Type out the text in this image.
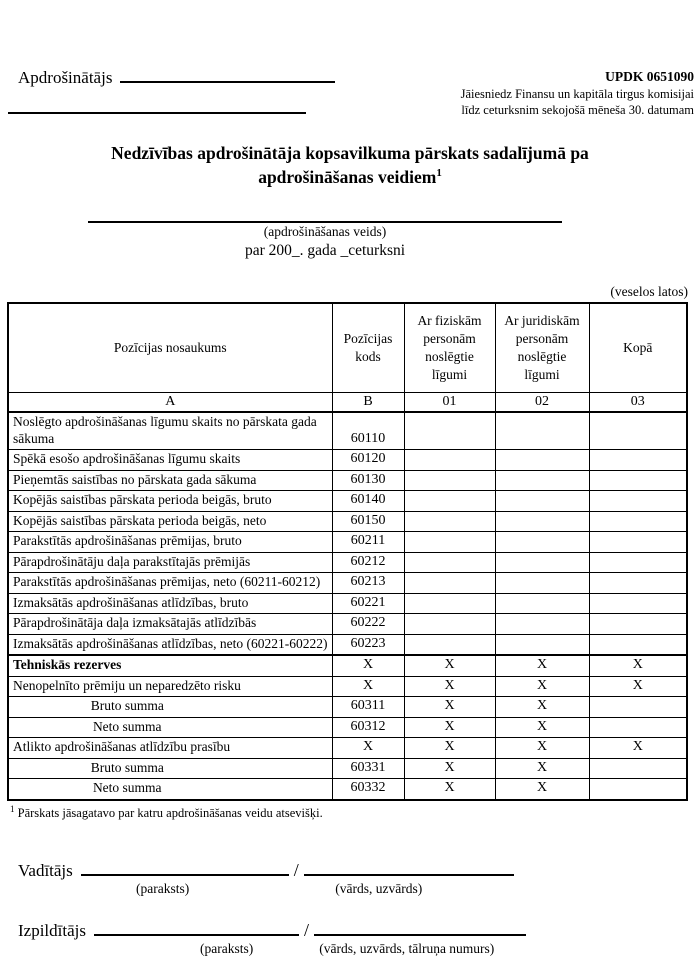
Apdrošinātājs	UPDK 0651090
Jāiesniedz Finansu un kapitāla tirgus komisijai
līdz ceturksnim sekojošā mēneša 30. datumam
Nedzīvības apdrošinātāja kopsavilkuma pārskats sadalījumā pa
apdrošināšanas veidiem$^1$
(apdrošināšanas veids)
par 200_. gada _ceturksni
(veselos latos)
Pozīcijas nosaukums	Pozīcijas kods	Ar fiziskām personām noslēgtie līgumi	Ar juridiskām personām noslēgtie līgumi	Kopā
A	B	01	02	03
Noslēgto apdrošināšanas līgumu skaits no pārskata gada sākuma	60110			
Spēkā esošo apdrošināšanas līgumu skaits	60120			
Pieņemtās saistības no pārskata gada sākuma	60130			
Kopējās saistības pārskata perioda beigās, bruto	60140			
Kopējās saistības pārskata perioda beigās, neto	60150			
Parakstītās apdrošināšanas prēmijas, bruto	60211			
Pārapdrošinātāju daļa parakstītajās prēmijās	60212			
Parakstītās apdrošināšanas prēmijas, neto (60211-60212)	60213			
Izmaksātās apdrošināšanas atlīdzības, bruto	60221			
Pārapdrošinātāja daļa izmaksātajās atlīdzībās	60222			
Izmaksātās apdrošināšanas atlīdzības, neto (60221-60222)	60223			
Tehniskās rezerves	X	X	X	X
Nenopelnīto prēmiju un neparedzēto risku	X	X	X	X
Bruto summa	60311	X	X	
Neto summa	60312	X	X	
Atlikto apdrošināšanas atlīdzību prasību	X	X	X	X
Bruto summa	60331	X	X	
Neto summa	60332	X	X	
$^1$ Pārskats jāsagatavo par katru apdrošināšanas veidu atsevišķi.
Vadītājs	/
(paraksts)	(vārds, uzvārds)
Izpildītājs	/
(paraksts)	(vārds, uzvārds, tālruņa numurs)
